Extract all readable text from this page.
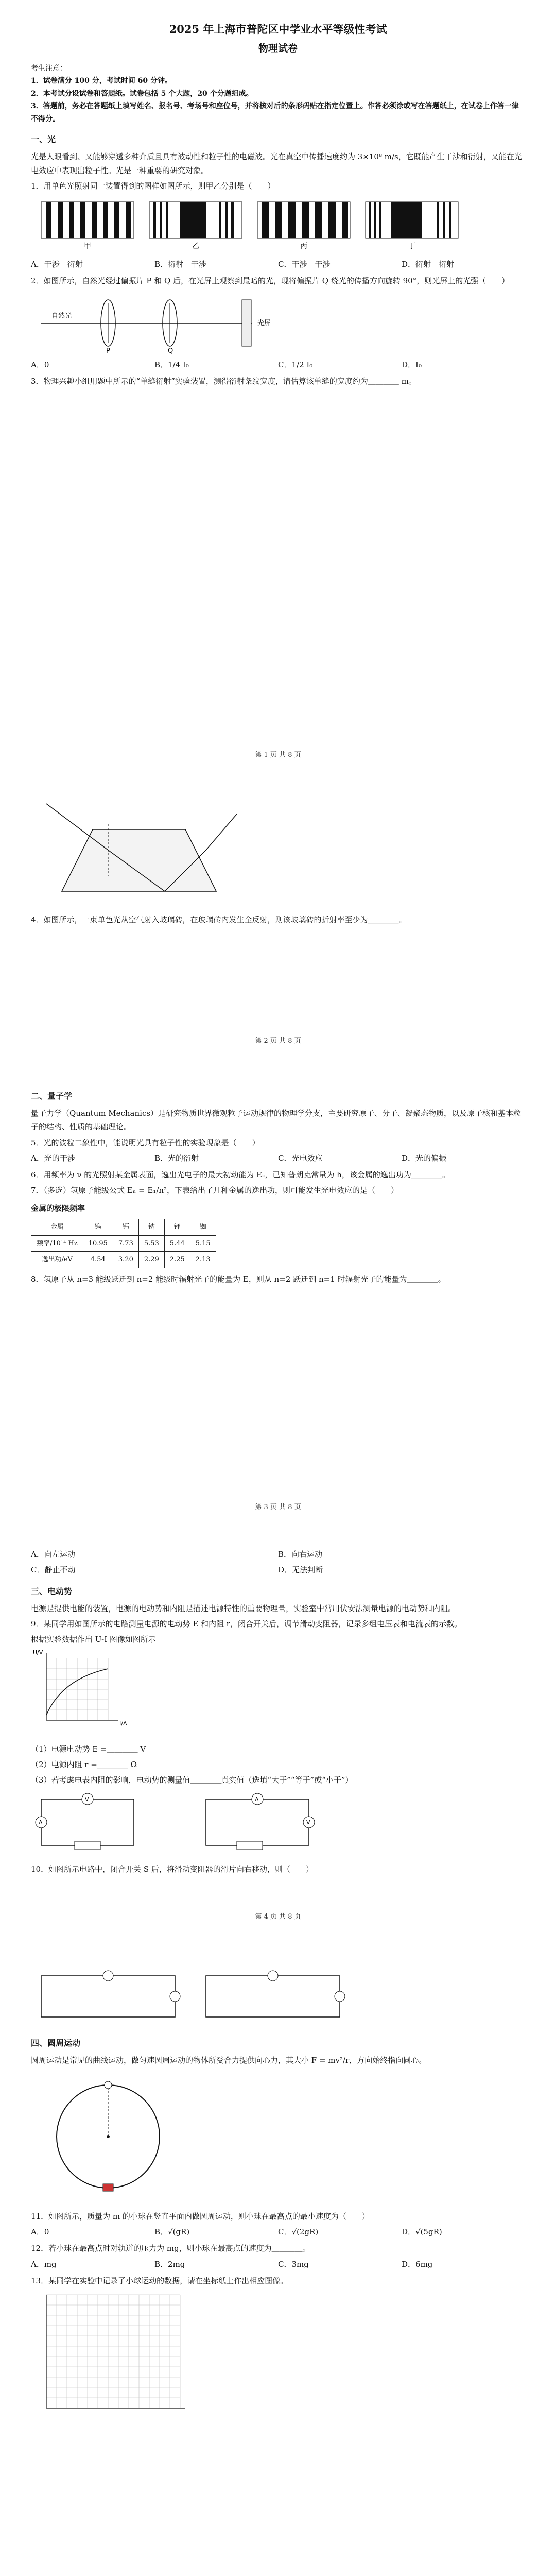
2025 年上海市普陀区中学业水平等级性考试

物理试卷

考生注意：

1．试卷满分 100 分，考试时间 60 分钟。

2．本考试分设试卷和答题纸。试卷包括 5 个大题，20 个分题组成。

3．答题前，务必在答题纸上填写姓名、报名号、考场号和座位号，并将核对后的条形码贴在指定位置上。作答必须涂或写在答题纸上，在试卷上作答一律不得分。

一、光

光是人眼看到、又能够穿透多种介质且具有波动性和粒子性的电磁波。光在真空中传播速度约为 3×10⁸ m/s，它既能产生干涉和衍射，又能在光电效应中表现出粒子性。光是一种重要的研究对象。

1．用单色光照射同一装置得到的图样如图所示，则甲乙分别是（　　）

甲	乙	丙	丁
A．干涉　衍射	B．衍射　干涉	C．干涉　干涉	D．衍射　衍射

2．如图所示，自然光经过偏振片 P 和 Q 后，在光屏上观察到最暗的光，现将偏振片 Q 绕光的传播方向旋转 90°，则光屏上的光强（　　）

自然光
P	Q
光屏
A．0	B．1/4 I₀	C．1/2 I₀	D．I₀

3．物理兴趣小组用题中所示的“单缝衍射”实验装置，测得衍射条纹宽度，请估算该单缝的宽度约为＿＿＿＿ m。

第 1 页 共 8 页

4．如图所示，一束单色光从空气射入玻璃砖，在玻璃砖内发生全反射，则该玻璃砖的折射率至少为＿＿＿＿。

第 2 页 共 8 页
二、量子学

量子力学（Quantum Mechanics）是研究物质世界微观粒子运动规律的物理学分支，主要研究原子、分子、凝聚态物质，以及原子核和基本粒子的结构、性质的基础理论。

5．光的波粒二象性中，能说明光具有粒子性的实验现象是（　　）

A．光的干涉	B．光的衍射	C．光电效应	D．光的偏振

6．用频率为 ν 的光照射某金属表面，逸出光电子的最大初动能为 Eₖ，已知普朗克常量为 h，该金属的逸出功为＿＿＿＿。

7．（多选）氢原子能级公式 Eₙ = E₁/n²，下表给出了几种金属的逸出功，则可能发生光电效应的是（　　）

金属的极限频率

金属	钨	钙	钠	钾	铷
频率/10¹⁴ Hz	10.95	7.73	5.53	5.44	5.15
逸出功/eV	4.54	3.20	2.29	2.25	2.13

8．氢原子从 n=3 能级跃迁到 n=2 能级时辐射光子的能量为 E，则从 n=2 跃迁到 n=1 时辐射光子的能量为＿＿＿＿。

第 3 页 共 8 页
A．向左运动	B．向右运动
C．静止不动	D．无法判断
三、电动势

电源是提供电能的装置，电源的电动势和内阻是描述电源特性的重要物理量，实验室中常用伏安法测量电源的电动势和内阻。

9．某同学用如图所示的电路测量电源的电动势 E 和内阻 r，闭合开关后，调节滑动变阻器，记录多组电压表和电流表的示数。

根据实验数据作出 U-I 图像如图所示

I/A
U/V

（1）电源电动势 E =＿＿＿＿ V

（2）电源内阻 r =＿＿＿＿ Ω

（3）若考虑电表内阻的影响，电动势的测量值＿＿＿＿真实值（选填“大于”“等于”或“小于”）

V
A
A
V

10．如图所示电路中，闭合开关 S 后，将滑动变阻器的滑片向右移动，则（　　）

第 4 页 共 8 页
四、圆周运动

圆周运动是常见的曲线运动，做匀速圆周运动的物体所受合力提供向心力，其大小 F = mv²/r，方向始终指向圆心。

11．如图所示，质量为 m 的小球在竖直平面内做圆周运动，则小球在最高点的最小速度为（　　）

A．0	B．√(gR)	C．√(2gR)	D．√(5gR)

12．若小球在最高点时对轨道的压力为 mg，则小球在最高点的速度为＿＿＿＿。

A．mg	B．2mg	C．3mg	D．6mg

13．某同学在实验中记录了小球运动的数据，请在坐标纸上作出相应图像。
